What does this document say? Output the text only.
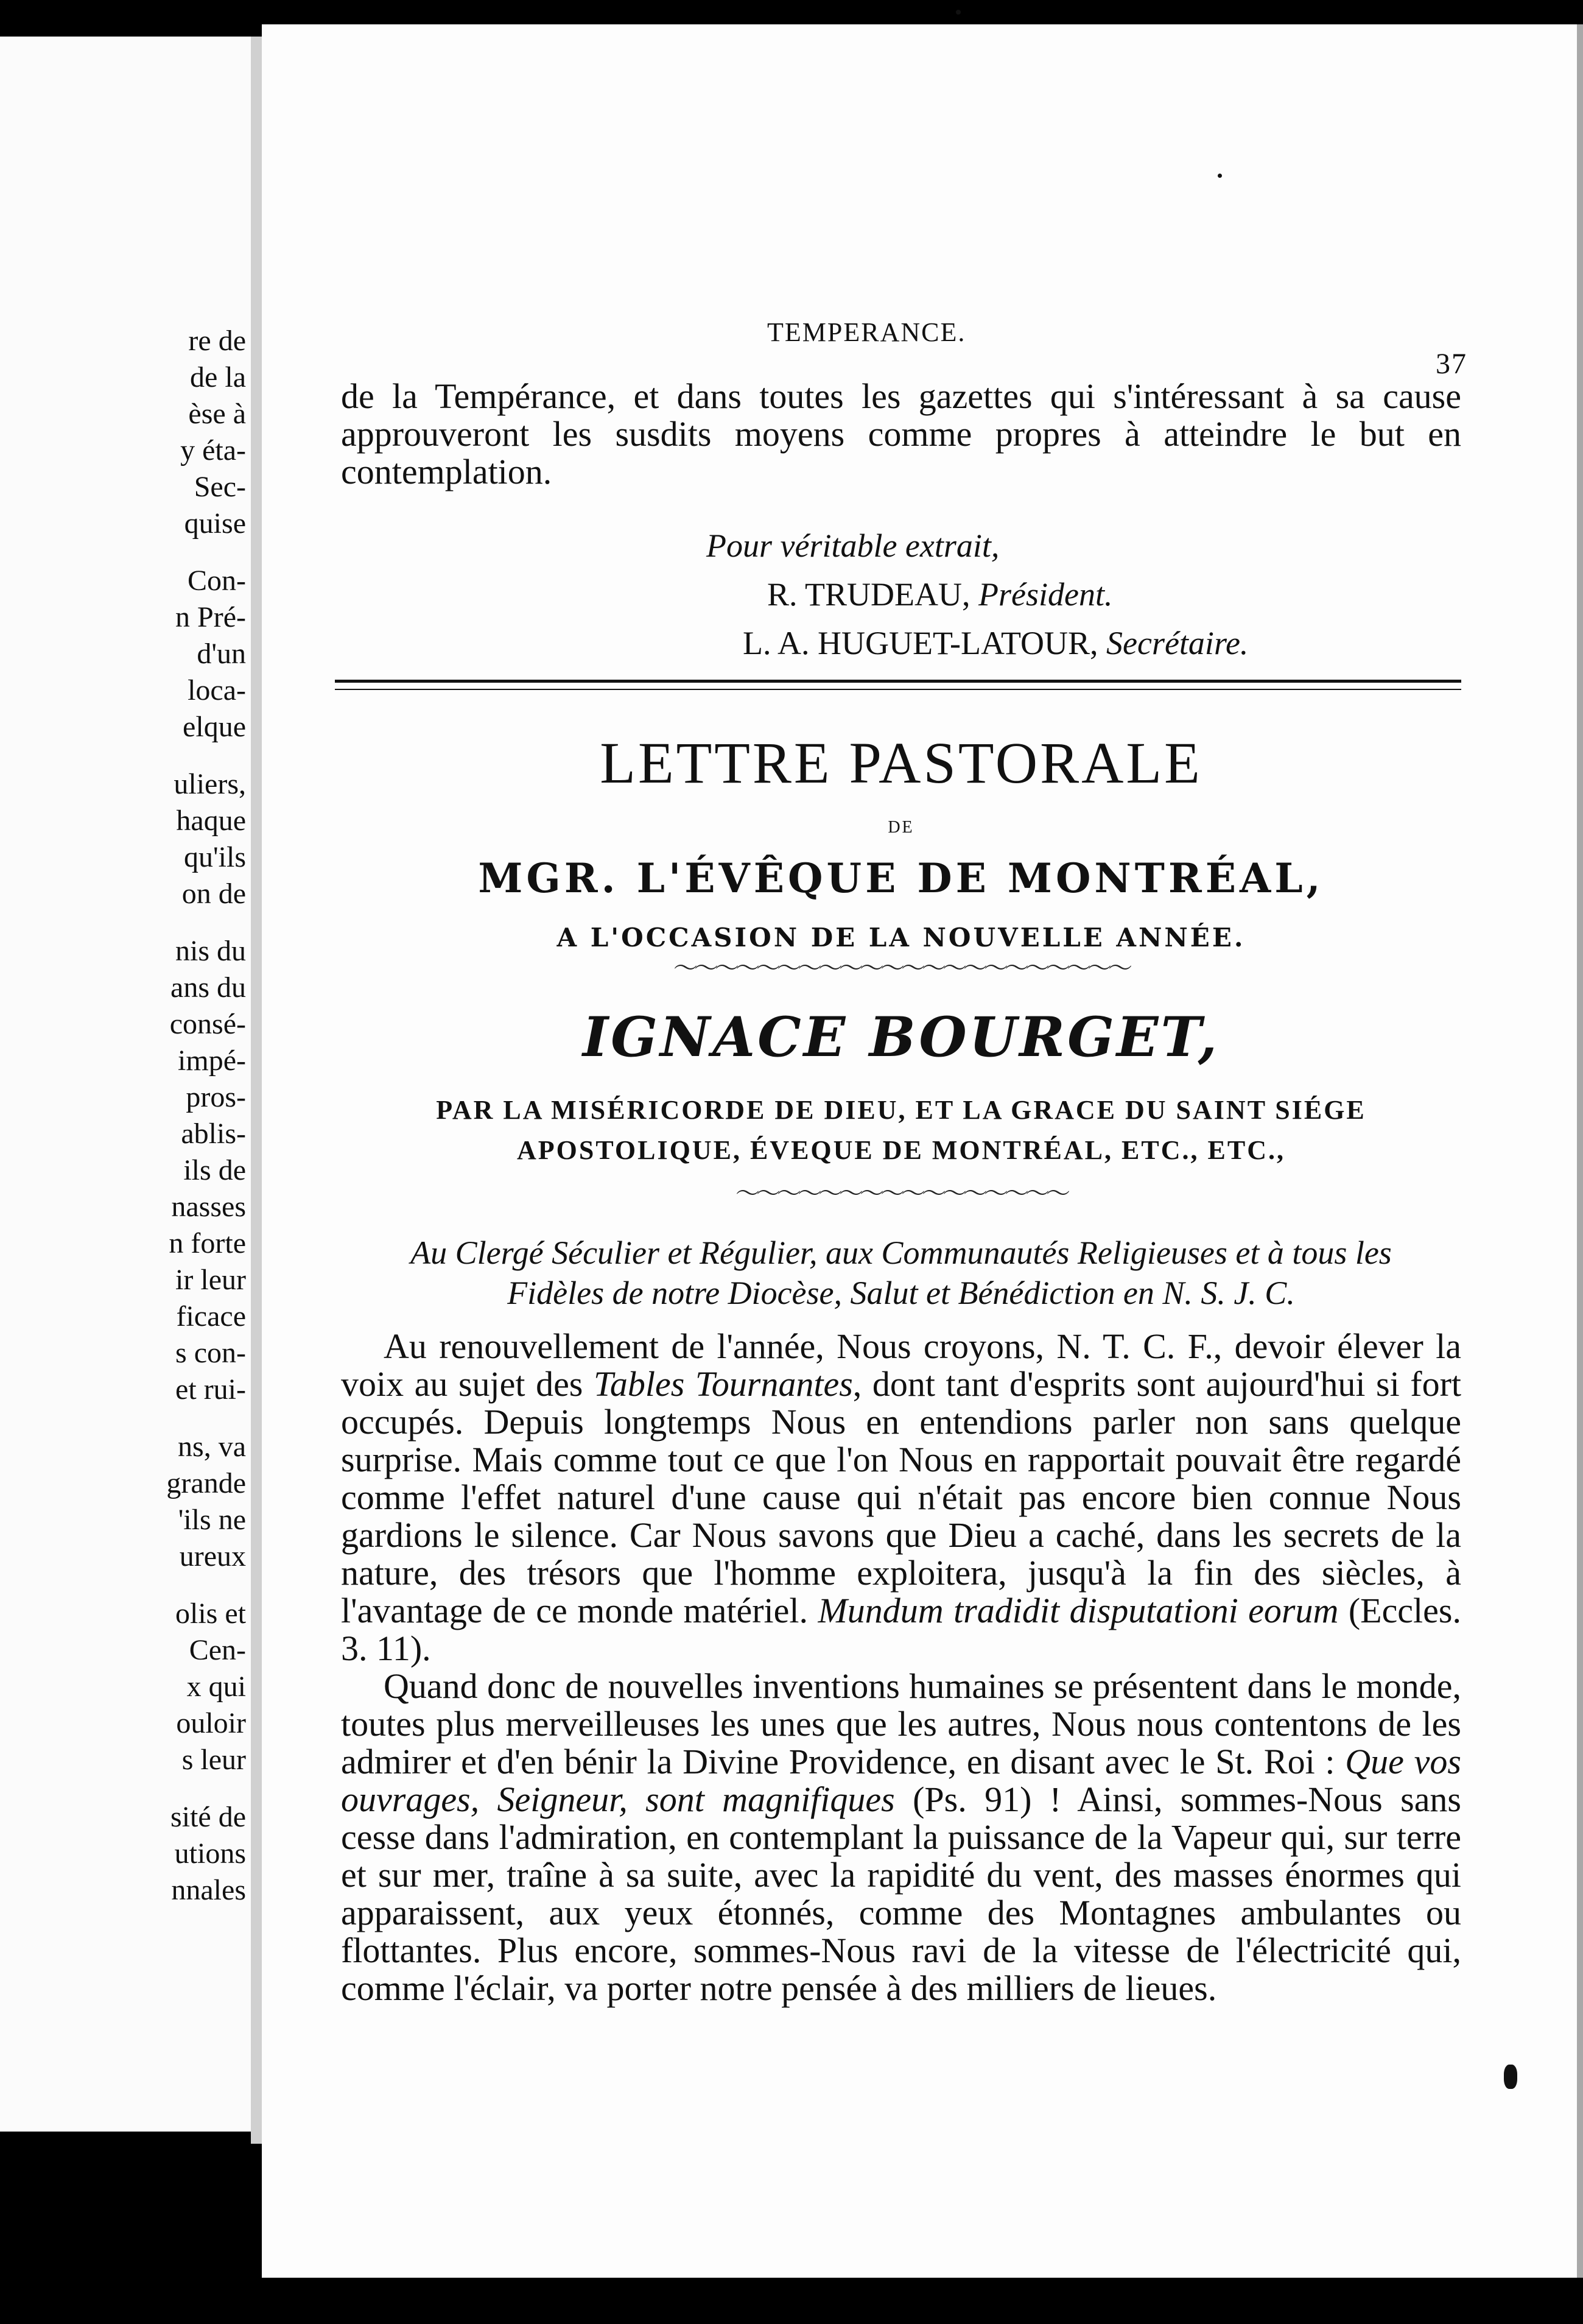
re de
de la
èse à
y éta-
Sec-
quise
Con-
n Pré-
d'un
loca-
elque
uliers,
haque
qu'ils
on de
nis du
ans du
consé-
impé-
pros-
ablis-
ils de
nasses
n forte
ir leur
ficace
s con-
et rui-
ns, va
grande
'ils ne
ureux
olis et
Cen-
x qui
ouloir
s leur
sité de
utions
nnales
TEMPERANCE.
37

de la Tempérance, et dans toutes les gazettes qui s'intéressant à sa cause approuveront les susdits moyens comme propres à atteindre le but en contemplation.

Pour véritable extrait,
R. TRUDEAU, Président.
L. A. HUGUET-LATOUR, Secrétaire.
LETTRE PASTORALE
DE
MGR. L'ÉVÊQUE DE MONTRÉAL,
A L'OCCASION DE LA NOUVELLE ANNÉE.
〜〜〜〜〜〜〜〜〜〜〜〜〜〜〜〜〜〜〜〜〜〜
IGNACE BOURGET,
PAR LA MISÉRICORDE DE DIEU, ET LA GRACE DU SAINT SIÉGE
APOSTOLIQUE, ÉVEQUE DE MONTRÉAL, ETC., ETC.,
〜〜〜〜〜〜〜〜〜〜〜〜〜〜〜〜
Au Clergé Séculier et Régulier, aux Communautés Religieuses et à tous les
Fidèles de notre Diocèse, Salut et Bénédiction en N. S. J. C.

Au renouvellement de l'année, Nous croyons, N. T. C. F., devoir élever la voix au sujet des Tables Tournantes, dont tant d'esprits sont aujourd'hui si fort occupés. Depuis longtemps Nous en entendions parler non sans quelque surprise. Mais comme tout ce que l'on Nous en rapportait pouvait être regardé comme l'effet naturel d'une cause qui n'était pas encore bien connue Nous gardions le silence. Car Nous savons que Dieu a caché, dans les secrets de la nature, des trésors que l'homme exploitera, jusqu'à la fin des siècles, à l'avantage de ce monde matériel. Mundum tradidit disputationi eorum (Eccles. 3. 11).

Quand donc de nouvelles inventions humaines se présentent dans le monde, toutes plus merveilleuses les unes que les autres, Nous nous contentons de les admirer et d'en bénir la Divine Providence, en disant avec le St. Roi : Que vos ouvrages, Seigneur, sont magnifiques (Ps. 91) ! Ainsi, sommes-Nous sans cesse dans l'admiration, en contemplant la puissance de la Vapeur qui, sur terre et sur mer, traîne à sa suite, avec la rapidité du vent, des masses énormes qui apparaissent, aux yeux étonnés, comme des Montagnes ambulantes ou flottantes. Plus encore, sommes-Nous ravi de la vitesse de l'électricité qui, comme l'éclair, va porter notre pensée à des milliers de lieues.
